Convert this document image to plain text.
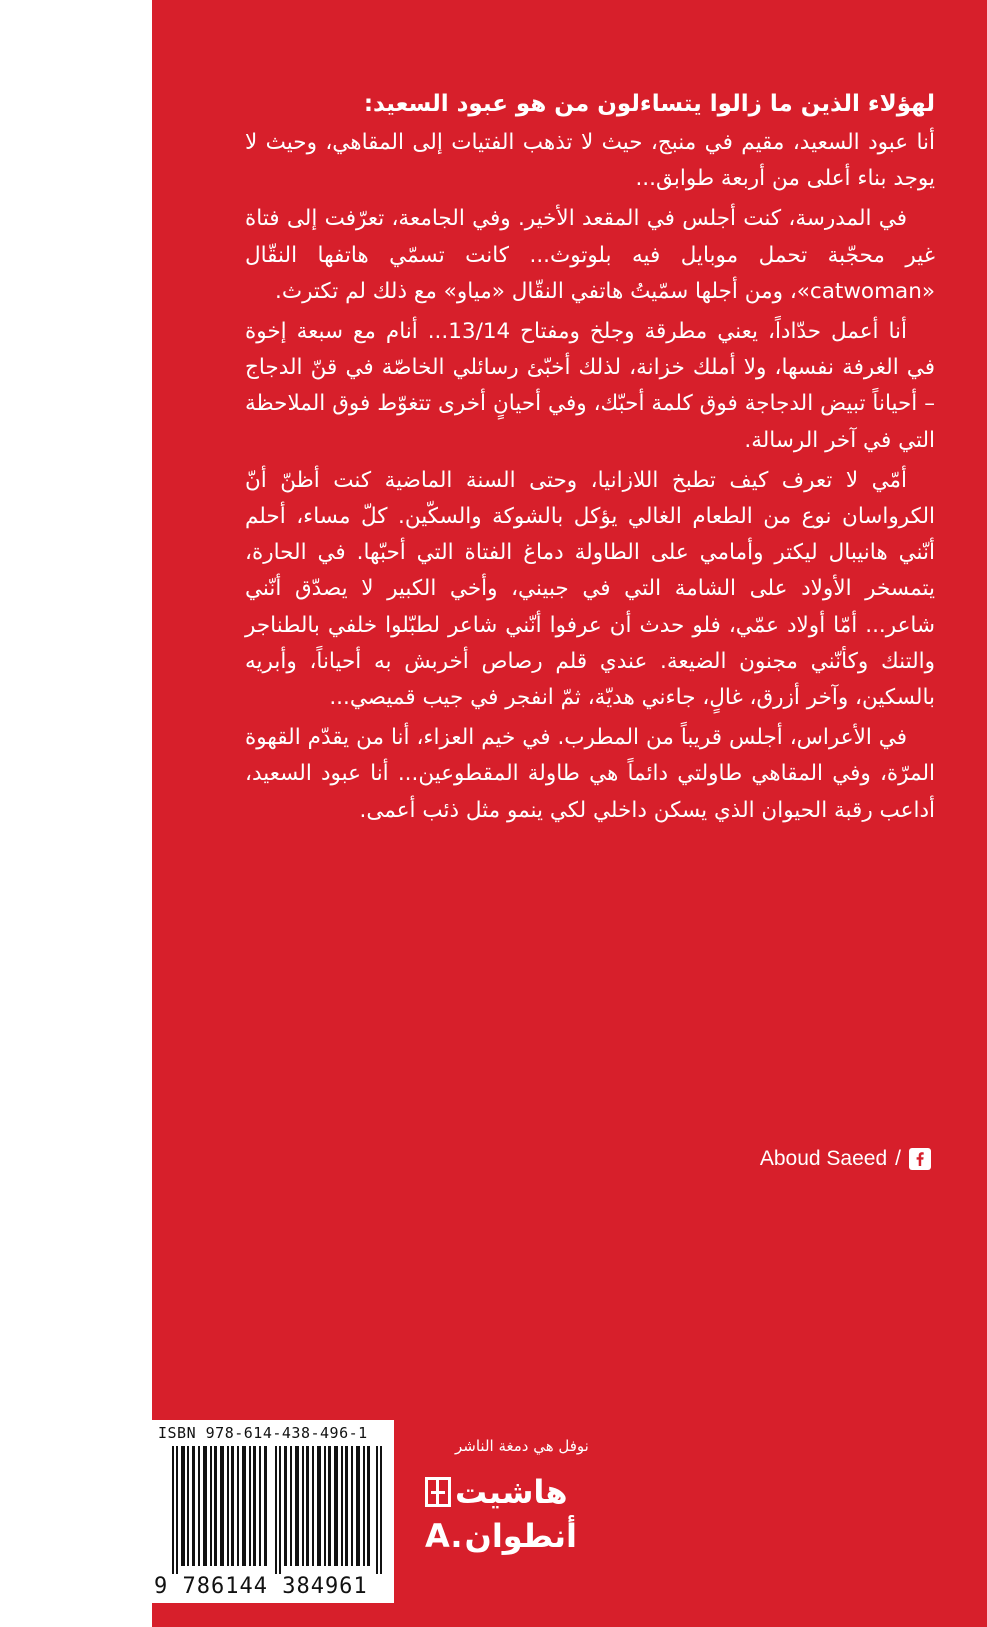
لهؤلاء الذين ما زالوا يتساءلون من هو عبود السعيد:

أنا عبود السعيد، مقيم في منبج، حيث لا تذهب الفتيات إلى المقاهي، وحيث لا يوجد بناء أعلى من أربعة طوابق...

في المدرسة، كنت أجلس في المقعد الأخير. وفي الجامعة، تعرّفت إلى فتاة غير محجّبة تحمل موبايل فيه بلوتوث... كانت تسمّي هاتفها النقّال «catwoman»، ومن أجلها سمّيتُ هاتفي النقّال «مياو» مع ذلك لم تكترث.

أنا أعمل حدّاداً، يعني مطرقة وجلخ ومفتاح 13/14... أنام مع سبعة إخوة في الغرفة نفسها، ولا أملك خزانة، لذلك أخبّئ رسائلي الخاصّة في قنّ الدجاج – أحياناً تبيض الدجاجة فوق كلمة أحبّك، وفي أحيانٍ أخرى تتغوّط فوق الملاحظة التي في آخر الرسالة.

أمّي لا تعرف كيف تطبخ اللازانيا، وحتى السنة الماضية كنت أظنّ أنّ الكرواسان نوع من الطعام الغالي يؤكل بالشوكة والسكّين. كلّ مساء، أحلم أنّني هانيبال ليكتر وأمامي على الطاولة دماغ الفتاة التي أحبّها. في الحارة، يتمسخر الأولاد على الشامة التي في جبيني، وأخي الكبير لا يصدّق أنّني شاعر... أمّا أولاد عمّي، فلو حدث أن عرفوا أنّني شاعر لطبّلوا خلفي بالطناجر والتنك وكأنّني مجنون الضيعة. عندي قلم رصاص أخربش به أحياناً، وأبريه بالسكين، وآخر أزرق، غالٍ، جاءني هديّة، ثمّ انفجر في جيب قميصي...

في الأعراس، أجلس قريباً من المطرب. في خيم العزاء، أنا من يقدّم القهوة المرّة، وفي المقاهي طاولتي دائماً هي طاولة المقطوعين... أنا عبود السعيد، أداعب رقبة الحيوان الذي يسكن داخلي لكي ينمو مثل ذئب أعمى.

Aboud Saeed /
ISBN 978-614-438-496-1
9 786144 384961
نوفل هي دمغة الناشر
هاشيت
A. أنطوان
